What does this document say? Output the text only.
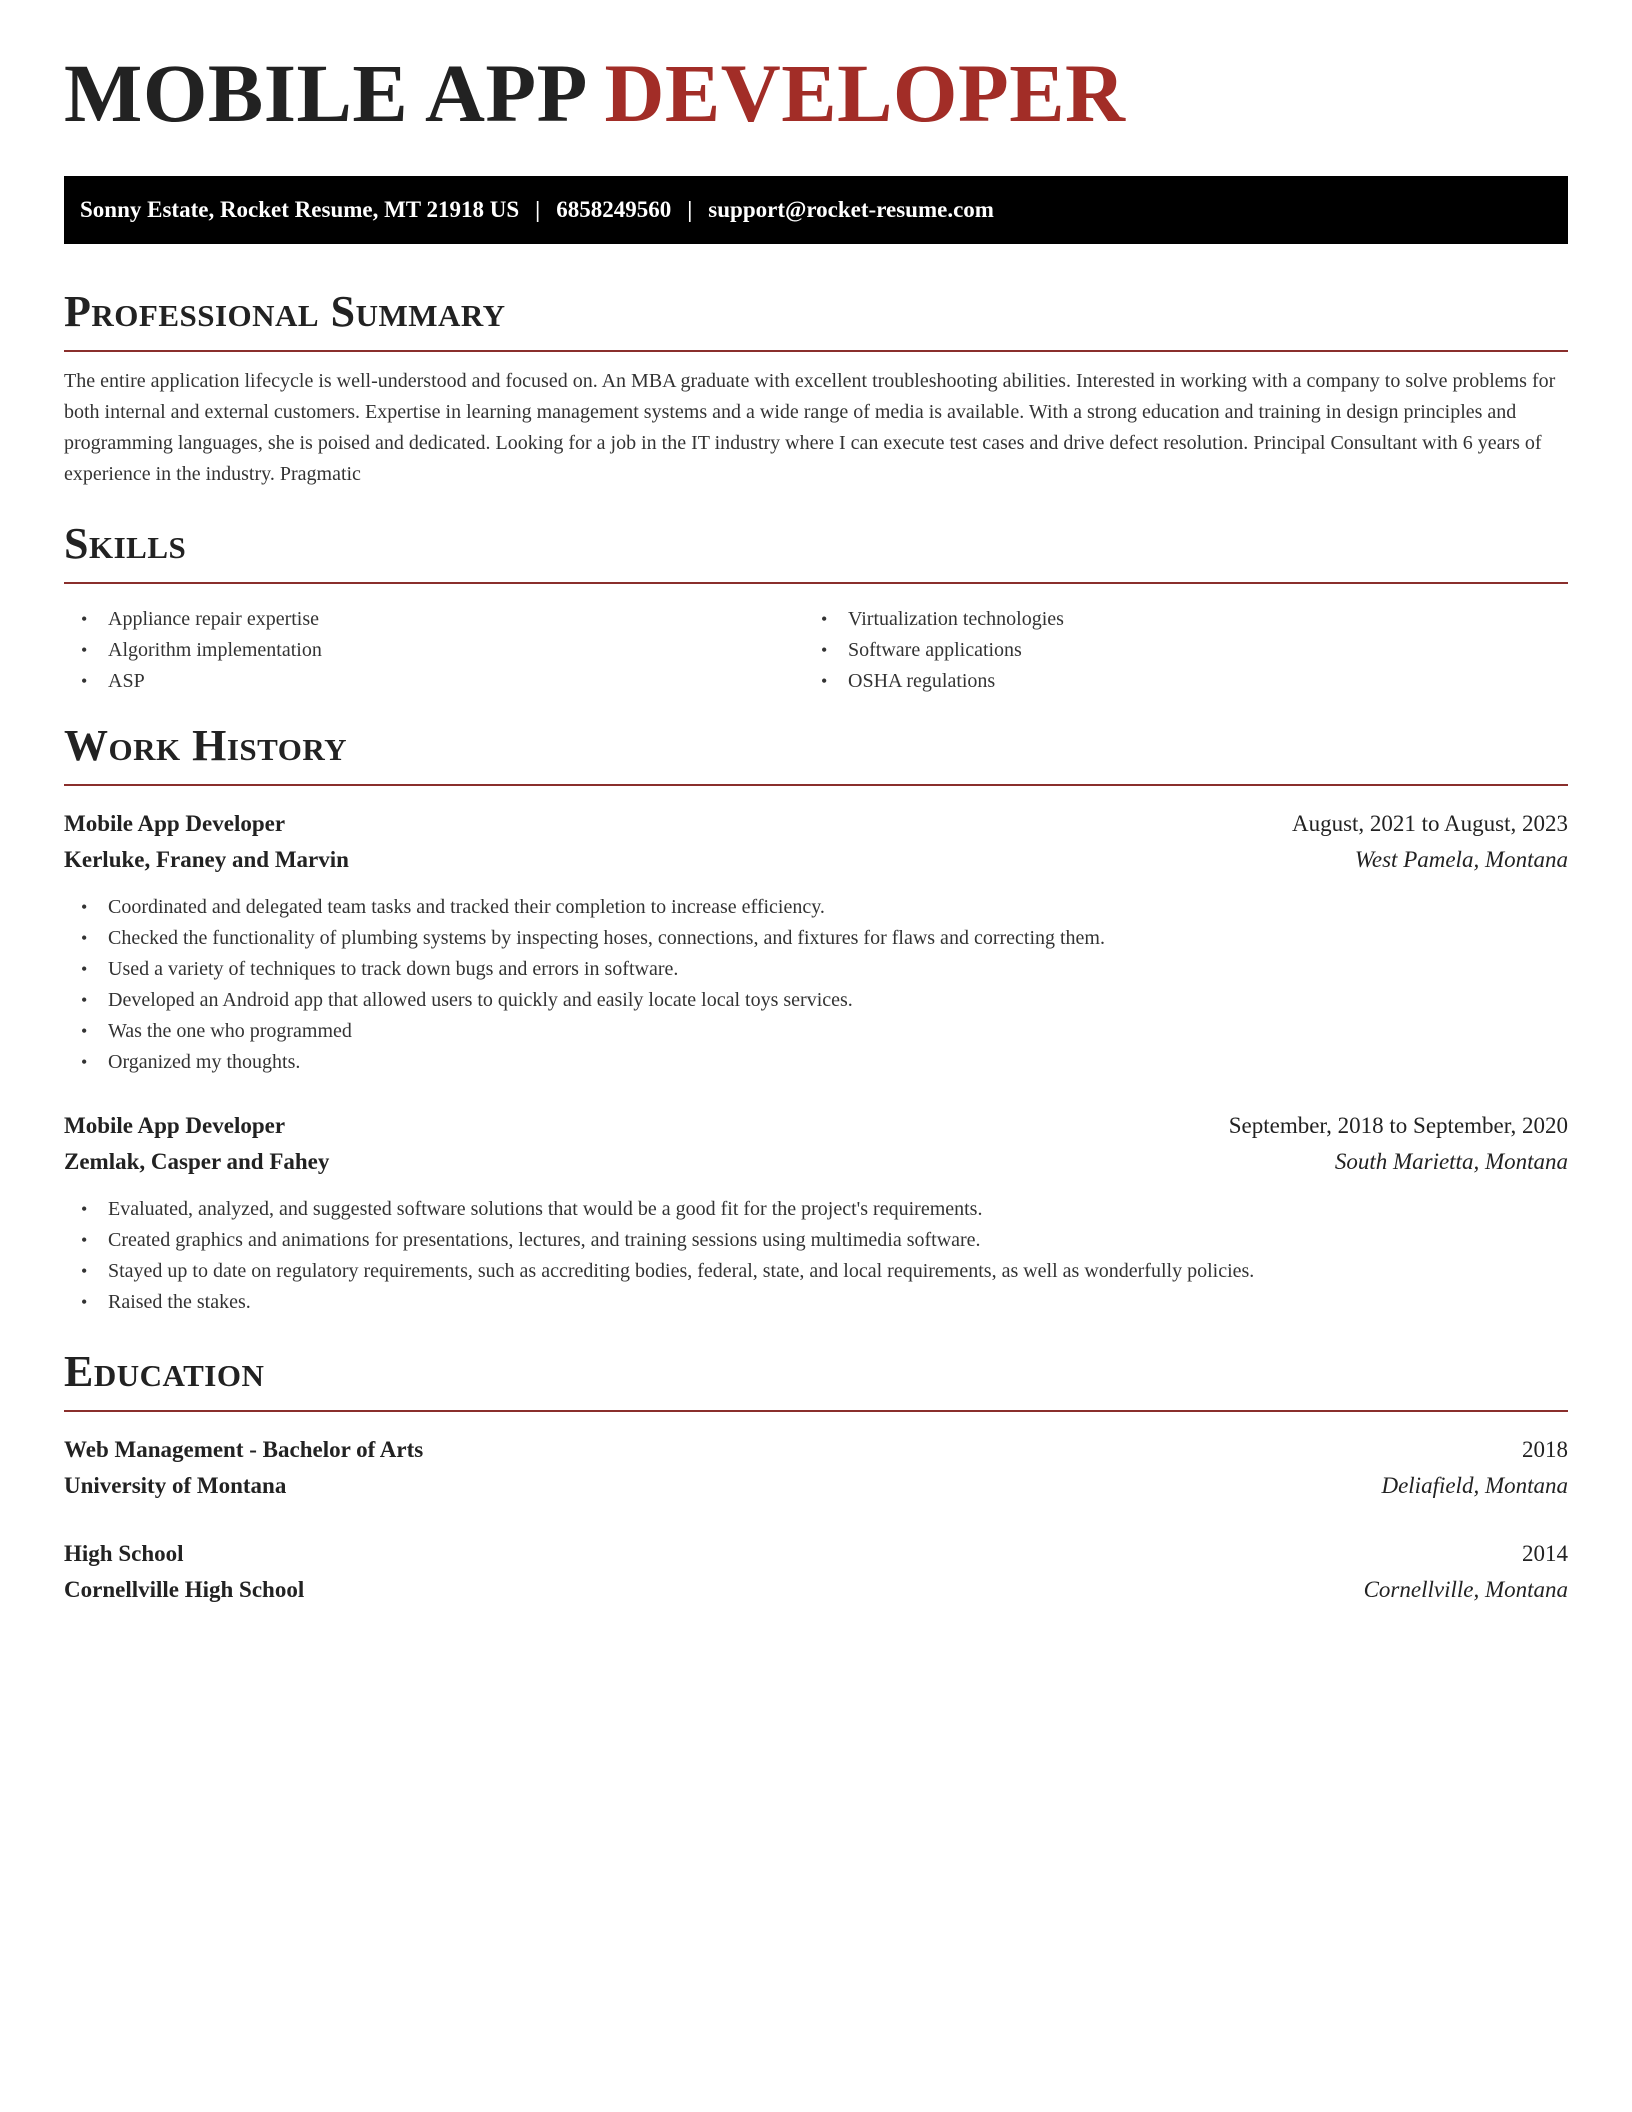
MOBILE APP DEVELOPER
Sonny Estate, Rocket Resume, MT 21918 US | 6858249560 | support@rocket-resume.com
Professional Summary

The entire application lifecycle is well-understood and focused on. An MBA graduate with excellent troubleshooting abilities. Interested in working with a company to solve problems for both internal and external customers. Expertise in learning management systems and a wide range of media is available. With a strong education and training in design principles and programming languages, she is poised and dedicated. Looking for a job in the IT industry where I can execute test cases and drive defect resolution. Principal Consultant with 6 years of experience in the industry. Pragmatic

Skills
• Appliance repair expertise
• Algorithm implementation
• ASP
• Virtualization technologies
• Software applications
• OSHA regulations
Work History
Mobile App Developer	August, 2021 to August, 2023
Kerluke, Franey and Marvin	West Pamela, Montana
• Coordinated and delegated team tasks and tracked their completion to increase efficiency.
• Checked the functionality of plumbing systems by inspecting hoses, connections, and fixtures for flaws and correcting them.
• Used a variety of techniques to track down bugs and errors in software.
• Developed an Android app that allowed users to quickly and easily locate local toys services.
• Was the one who programmed
• Organized my thoughts.
Mobile App Developer	September, 2018 to September, 2020
Zemlak, Casper and Fahey	South Marietta, Montana
• Evaluated, analyzed, and suggested software solutions that would be a good fit for the project's requirements.
• Created graphics and animations for presentations, lectures, and training sessions using multimedia software.
• Stayed up to date on regulatory requirements, such as accrediting bodies, federal, state, and local requirements, as well as wonderfully policies.
• Raised the stakes.
Education
Web Management - Bachelor of Arts	2018
University of Montana	Deliafield, Montana
High School	2014
Cornellville High School	Cornellville, Montana
